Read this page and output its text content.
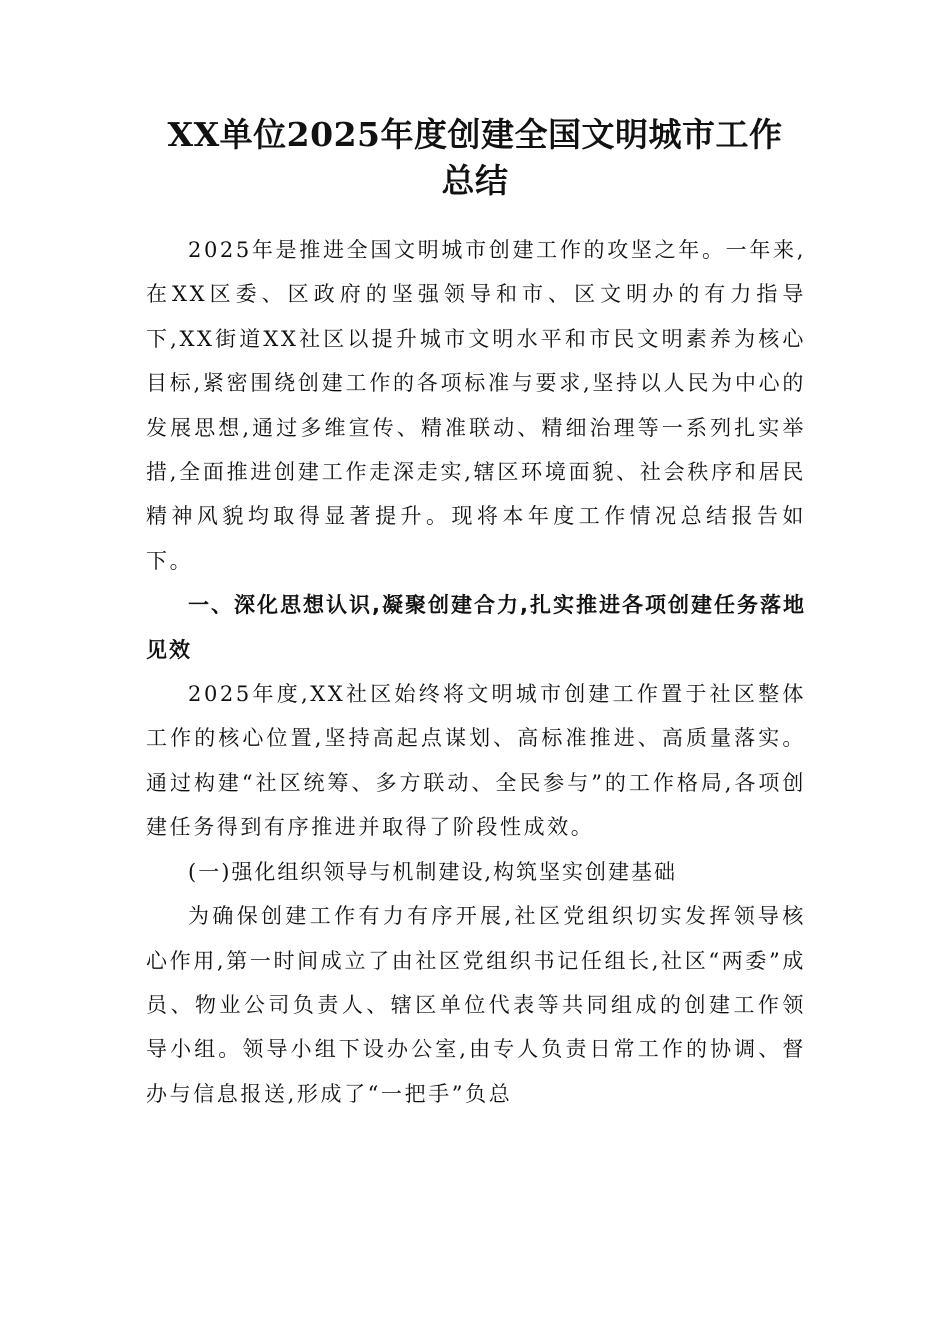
XX单位2025年度创建全国文明城市工作
总结

2025年是推进全国文明城市创建工作的攻坚之年。一年来,在XX区委、区政府的坚强领导和市、区文明办的有力指导下,XX街道XX社区以提升城市文明水平和市民文明素养为核心目标,紧密围绕创建工作的各项标准与要求,坚持以人民为中心的发展思想,通过多维宣传、精准联动、精细治理等一系列扎实举措,全面推进创建工作走深走实,辖区环境面貌、社会秩序和居民精神风貌均取得显著提升。现将本年度工作情况总结报告如下。

一、深化思想认识,凝聚创建合力,扎实推进各项创建任务落地见效

2025年度,XX社区始终将文明城市创建工作置于社区整体工作的核心位置,坚持高起点谋划、高标准推进、高质量落实。通过构建“社区统筹、多方联动、全民参与”的工作格局,各项创建任务得到有序推进并取得了阶段性成效。

(一)强化组织领导与机制建设,构筑坚实创建基础

为确保创建工作有力有序开展,社区党组织切实发挥领导核心作用,第一时间成立了由社区党组织书记任组长,社区“两委”成员、物业公司负责人、辖区单位代表等共同组成的创建工作领导小组。领导小组下设办公室,由专人负责日常工作的协调、督办与信息报送,形成了“一把手”负总
